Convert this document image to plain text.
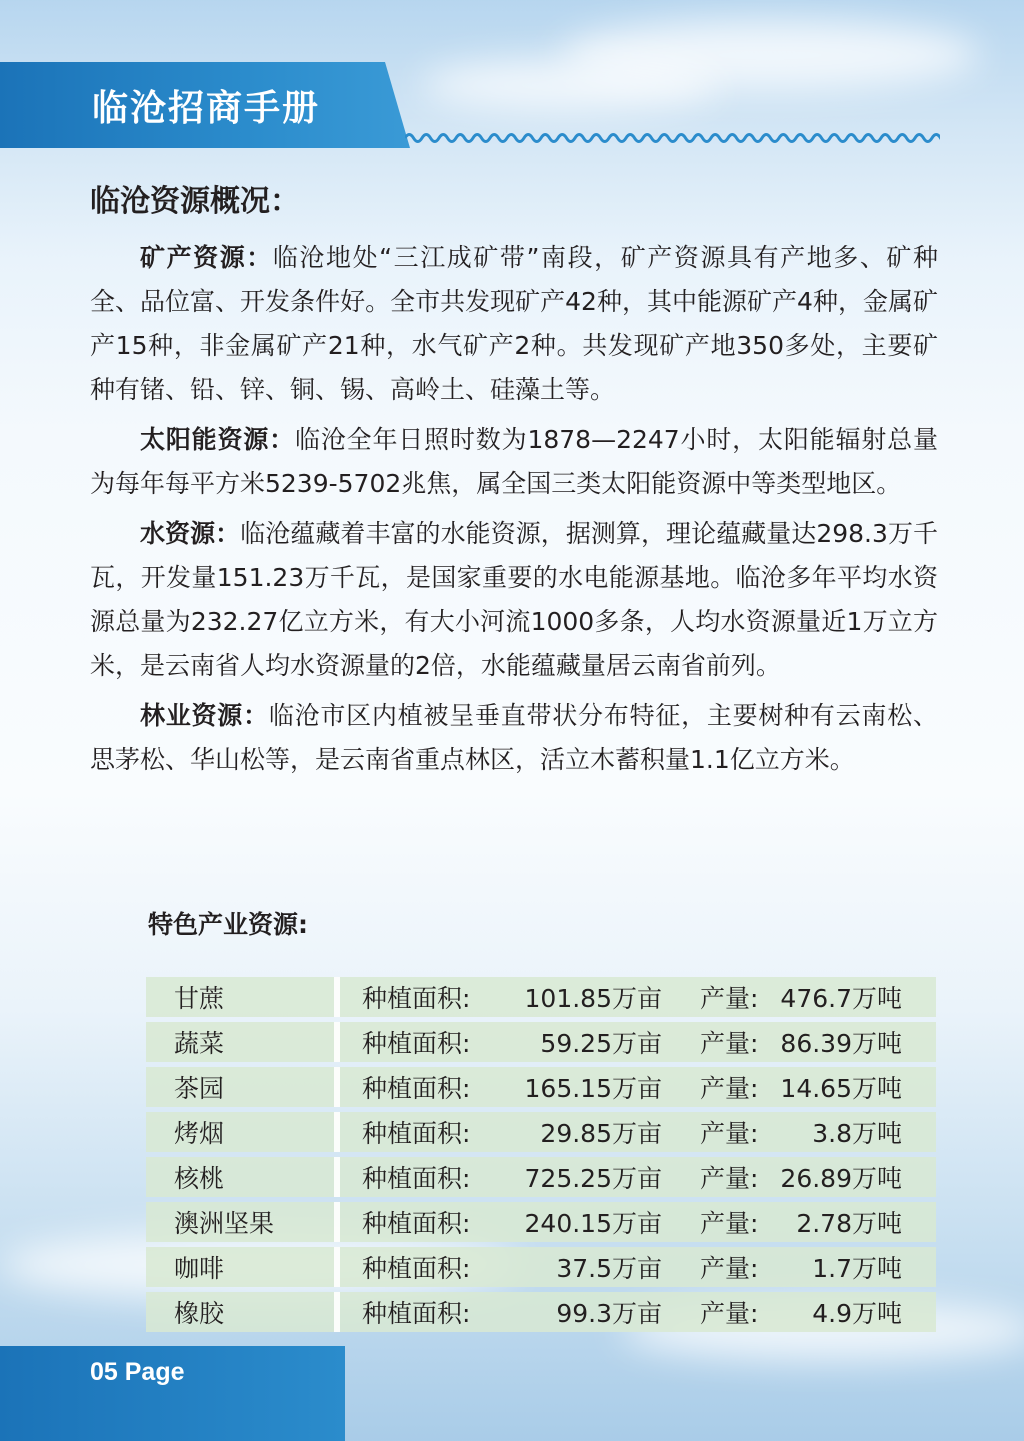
临沧招商手册
临沧资源概况：

矿产资源：临沧地处“三江成矿带”南段，矿产资源具有产地多、矿种全、品位富、开发条件好。全市共发现矿产42种，其中能源矿产4种，金属矿产15种，非金属矿产21种，水气矿产2种。共发现矿产地350多处，主要矿种有锗、铅、锌、铜、锡、高岭土、硅藻土等。

太阳能资源：临沧全年日照时数为1878—2247小时，太阳能辐射总量为每年每平方米5239-5702兆焦，属全国三类太阳能资源中等类型地区。

水资源：临沧蕴藏着丰富的水能资源，据测算，理论蕴藏量达298.3万千瓦，开发量151.23万千瓦，是国家重要的水电能源基地。临沧多年平均水资源总量为232.27亿立方米，有大小河流1000多条，人均水资源量近1万立方米，是云南省人均水资源量的2倍，水能蕴藏量居云南省前列。

林业资源：临沧市区内植被呈垂直带状分布特征，主要树种有云南松、思茅松、华山松等，是云南省重点林区，活立木蓄积量1.1亿立方米。

特色产业资源:
甘蔗	种植面积:	101.85万亩	产量:	476.7万吨
蔬菜	种植面积:	59.25万亩	产量:	86.39万吨
茶园	种植面积:	165.15万亩	产量:	14.65万吨
烤烟	种植面积:	29.85万亩	产量:	3.8万吨
核桃	种植面积:	725.25万亩	产量:	26.89万吨
澳洲坚果	种植面积:	240.15万亩	产量:	2.78万吨
咖啡	种植面积:	37.5万亩	产量:	1.7万吨
橡胶	种植面积:	99.3万亩	产量:	4.9万吨

05 Page
